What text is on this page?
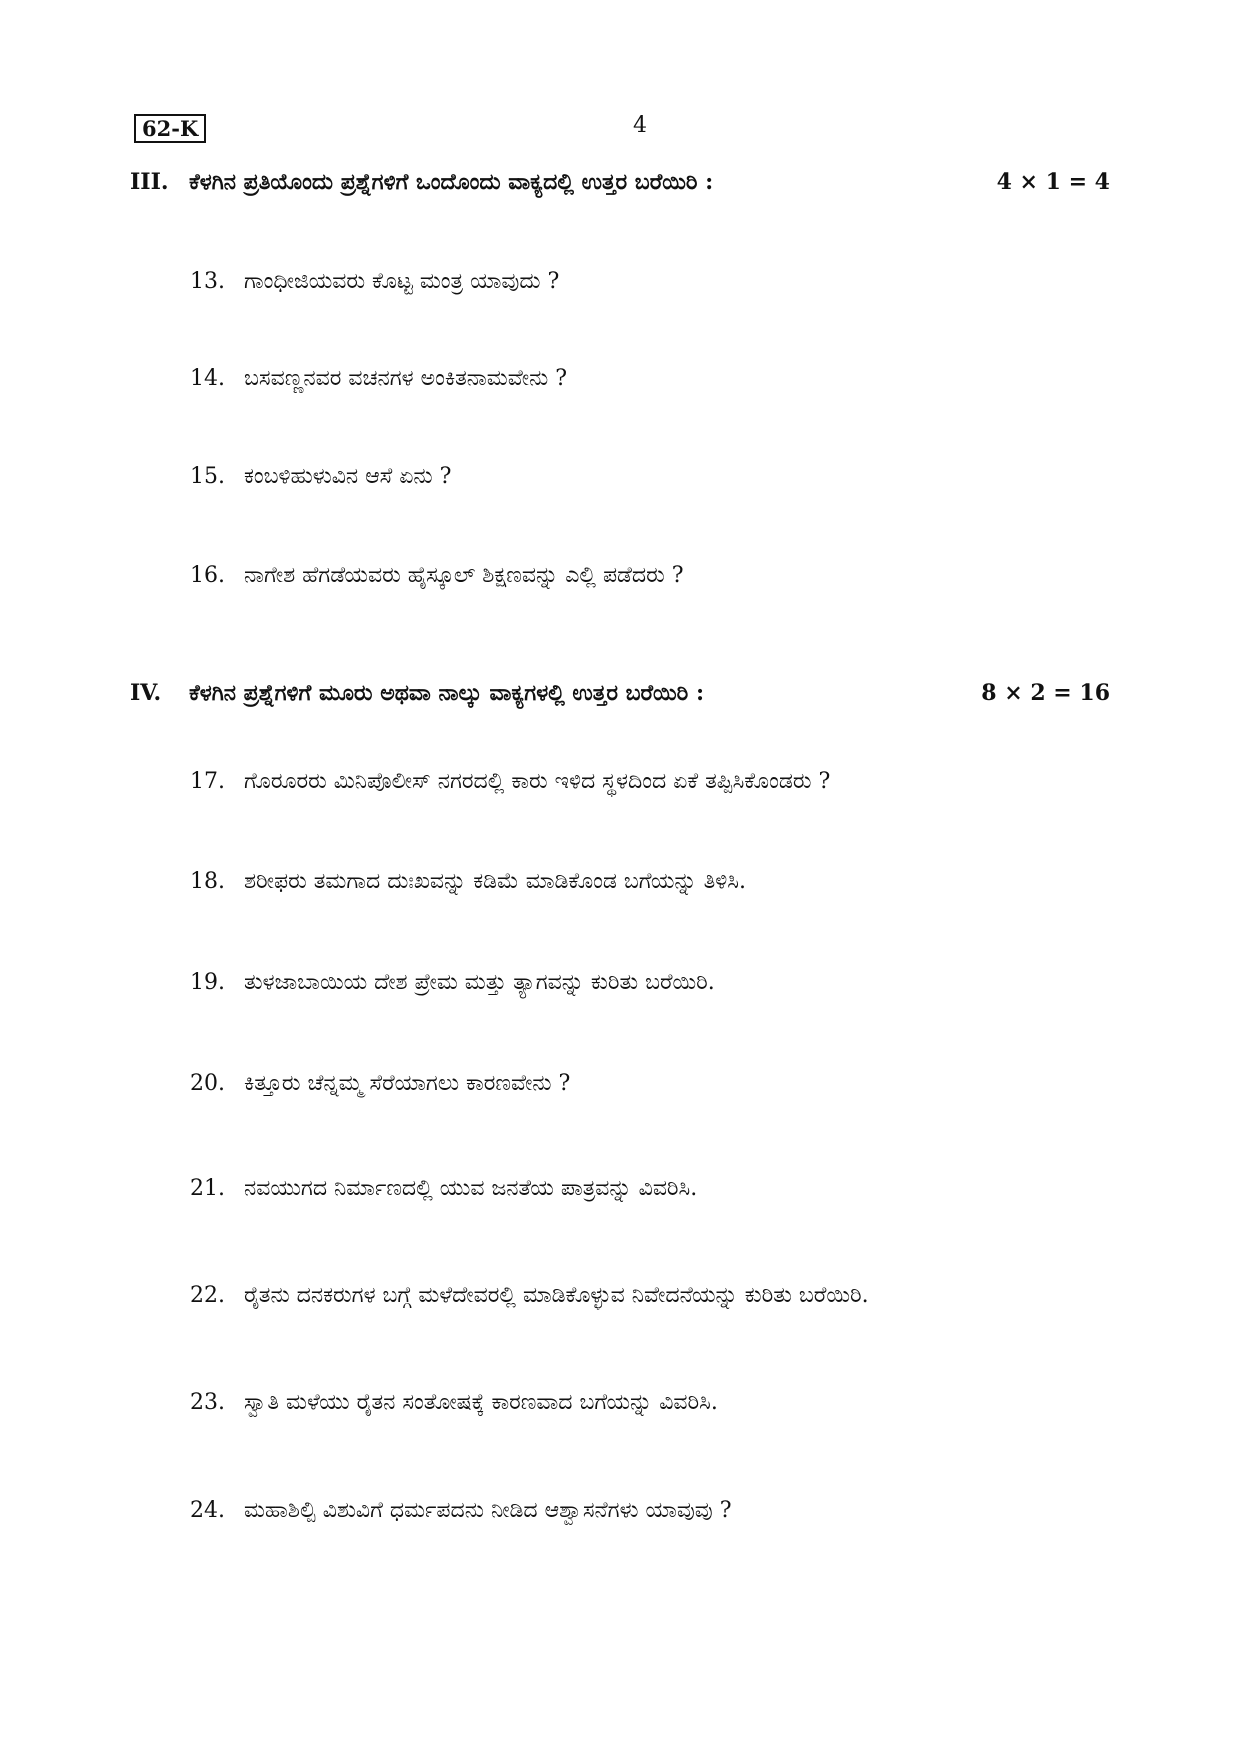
62-K	4
III. ಕೆಳಗಿನ ಪ್ರತಿಯೊಂದು ಪ್ರಶ್ನೆಗಳಿಗೆ ಒಂದೊಂದು ವಾಕ್ಯದಲ್ಲಿ ಉತ್ತರ ಬರೆಯಿರಿ :	4 × 1 = 4
13. ಗಾಂಧೀಜಿಯವರು ಕೊಟ್ಟ ಮಂತ್ರ ಯಾವುದು ?
14. ಬಸವಣ್ಣನವರ ವಚನಗಳ ಅಂಕಿತನಾಮವೇನು ?
15. ಕಂಬಳಿಹುಳುವಿನ ಆಸೆ ಏನು ?
16. ನಾಗೇಶ ಹೆಗಡೆಯವರು ಹೈಸ್ಕೂಲ್ ಶಿಕ್ಷಣವನ್ನು ಎಲ್ಲಿ ಪಡೆದರು ?
IV. ಕೆಳಗಿನ ಪ್ರಶ್ನೆಗಳಿಗೆ ಮೂರು ಅಥವಾ ನಾಲ್ಕು ವಾಕ್ಯಗಳಲ್ಲಿ ಉತ್ತರ ಬರೆಯಿರಿ :	8 × 2 = 16
17. ಗೊರೂರರು ಮಿನಿಪೊಲೀಸ್ ನಗರದಲ್ಲಿ ಕಾರು ಇಳಿದ ಸ್ಥಳದಿಂದ ಏಕೆ ತಪ್ಪಿಸಿಕೊಂಡರು ?
18. ಶರೀಫರು ತಮಗಾದ ದುಃಖವನ್ನು ಕಡಿಮೆ ಮಾಡಿಕೊಂಡ ಬಗೆಯನ್ನು ತಿಳಿಸಿ.
19. ತುಳಜಾಬಾಯಿಯ ದೇಶ ಪ್ರೇಮ ಮತ್ತು ತ್ಯಾಗವನ್ನು ಕುರಿತು ಬರೆಯಿರಿ.
20. ಕಿತ್ತೂರು ಚೆನ್ನಮ್ಮ ಸೆರೆಯಾಗಲು ಕಾರಣವೇನು ?
21. ನವಯುಗದ ನಿರ್ಮಾಣದಲ್ಲಿ ಯುವ ಜನತೆಯ ಪಾತ್ರವನ್ನು ವಿವರಿಸಿ.
22. ರೈತನು ದನಕರುಗಳ ಬಗ್ಗೆ ಮಳೆದೇವರಲ್ಲಿ ಮಾಡಿಕೊಳ್ಳುವ ನಿವೇದನೆಯನ್ನು ಕುರಿತು ಬರೆಯಿರಿ.
23. ಸ್ವಾತಿ ಮಳೆಯು ರೈತನ ಸಂತೋಷಕ್ಕೆ ಕಾರಣವಾದ ಬಗೆಯನ್ನು ವಿವರಿಸಿ.
24. ಮಹಾಶಿಲ್ಪಿ ವಿಶುವಿಗೆ ಧರ್ಮಪದನು ನೀಡಿದ ಆಶ್ವಾಸನೆಗಳು ಯಾವುವು ?
